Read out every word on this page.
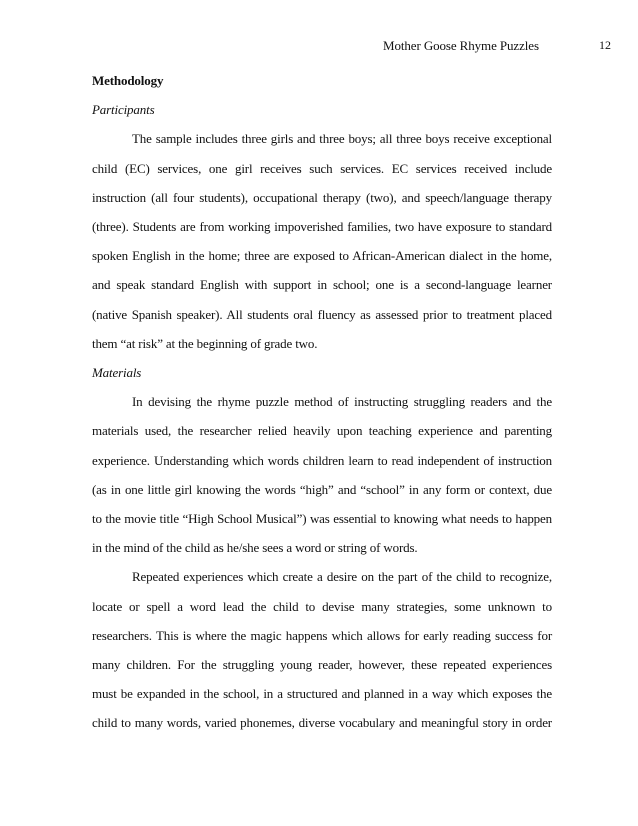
Mother Goose Rhyme Puzzles	12

Methodology

Participants

The sample includes three girls and three boys; all three boys receive exceptional
child (EC) services, one girl receives such services. EC services received include
instruction (all four students), occupational therapy (two), and speech/language therapy
(three). Students are from working impoverished families, two have exposure to standard
spoken English in the home; three are exposed to African-American dialect in the home,
and speak standard English with support in school; one is a second-language learner
(native Spanish speaker). All students oral fluency as assessed prior to treatment placed
them “at risk” at the beginning of grade two.

Materials

In devising the rhyme puzzle method of instructing struggling readers and the
materials used, the researcher relied heavily upon teaching experience and parenting
experience. Understanding which words children learn to read independent of instruction
(as in one little girl knowing the words “high” and “school” in any form or context, due
to the movie title “High School Musical”) was essential to knowing what needs to happen
in the mind of the child as he/she sees a word or string of words.
Repeated experiences which create a desire on the part of the child to recognize,
locate or spell a word lead the child to devise many strategies, some unknown to
researchers. This is where the magic happens which allows for early reading success for
many children. For the struggling young reader, however, these repeated experiences
must be expanded in the school, in a structured and planned in a way which exposes the
child to many words, varied phonemes, diverse vocabulary and meaningful story in order
